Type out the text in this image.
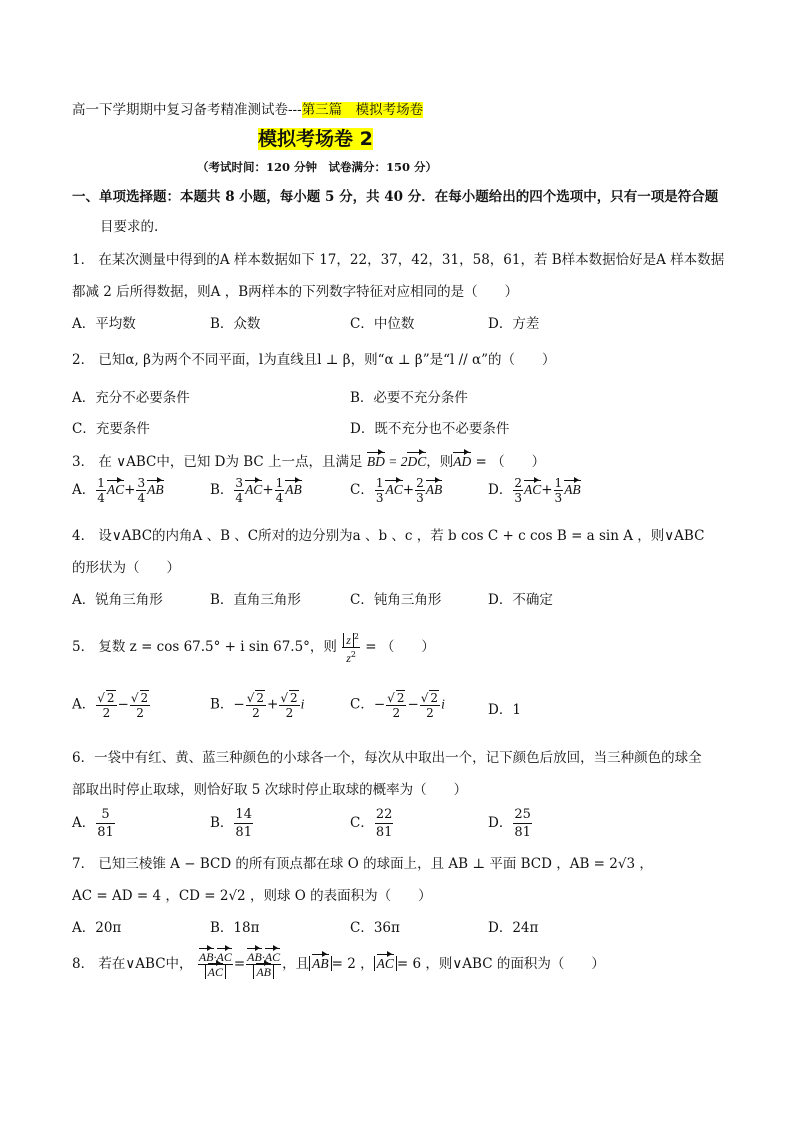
高一下学期期中复习备考精准测试卷---第三篇　模拟考场卷
模拟考场卷 2
（考试时间：120 分钟　试卷满分：150 分）
一、单项选择题：本题共 8 小题，每小题 5 分，共 40 分．在每小题给出的四个选项中，只有一项是符合题
目要求的.
1． 在某次测量中得到的A 样本数据如下 17，22，37，42，31，58，61，若 B样本数据恰好是A 样本数据
都减 2 后所得数据，则A ，B两样本的下列数字特征对应相同的是（　　）
A．平均数	B．众数	C．中位数	D．方差
2． 已知α, β为两个不同平面，l为直线且l ⊥ β，则“α ⊥ β”是“l // α”的（　　）
A．充分不必要条件	B．必要不充分条件
C．充要条件	D．既不充分也不必要条件
3． 在 ∨ABC中，已知 D为 BC 上一点，且满足 BD = 2DC，则AD = （　　）
A． $\frac{1}{4} AC+ \frac{3}{4}$ AB	B． $\frac{3}{4} AC+ \frac{1}{4}$ AB	C． $\frac{1}{3} AC+ \frac{2}{3}$ AB	D． $\frac{2}{3} AC+ \frac{1}{3}$ AB
4． 设∨ABC的内角A 、B 、C所对的边分别为a 、b 、c ，若 b cos C + c cos B = a sin A ，则∨ABC
的形状为（　　）
A．锐角三角形	B．直角三角形	C．钝角三角形	D．不确定
5． 复数 z = cos 67.5° + i sin 67.5°，则 $\frac{z ^2}{z^2}$ = （　　）
A． $\frac{√ 2}{2} - \frac{√ 2}{2}$	B．− $\frac{√ 2}{2} + \frac{√ 2}{2}$ i	C．− $\frac{√ 2}{2} - \frac{√ 2}{2}$ i	D．1
6．一袋中有红、黄、蓝三种颜色的小球各一个，每次从中取出一个，记下颜色后放回，当三种颜色的球全
部取出时停止取球，则恰好取 5 次球时停止取球的概率为（　　）
A． $\frac{5}{81}$	B． $\frac{14}{81}$	C． $\frac{22}{81}$	D． $\frac{25}{81}$
7． 已知三棱锥 A − BCD 的所有顶点都在球 O 的球面上，且 AB ⊥ 平面 BCD ，AB = 2√3 ，
AC = AD = 4 ，CD = 2√2 ，则球 O 的表面积为（　　）
A．20π	B．18π	C．36π	D．24π
8． 若在∨ABC中， $\frac{AB\cdot AC}{AC} = \frac{AB\cdot AC}{AB}$ ，且 AB = 2 ， AC = 6 ，则∨ABC 的面积为（　　）
